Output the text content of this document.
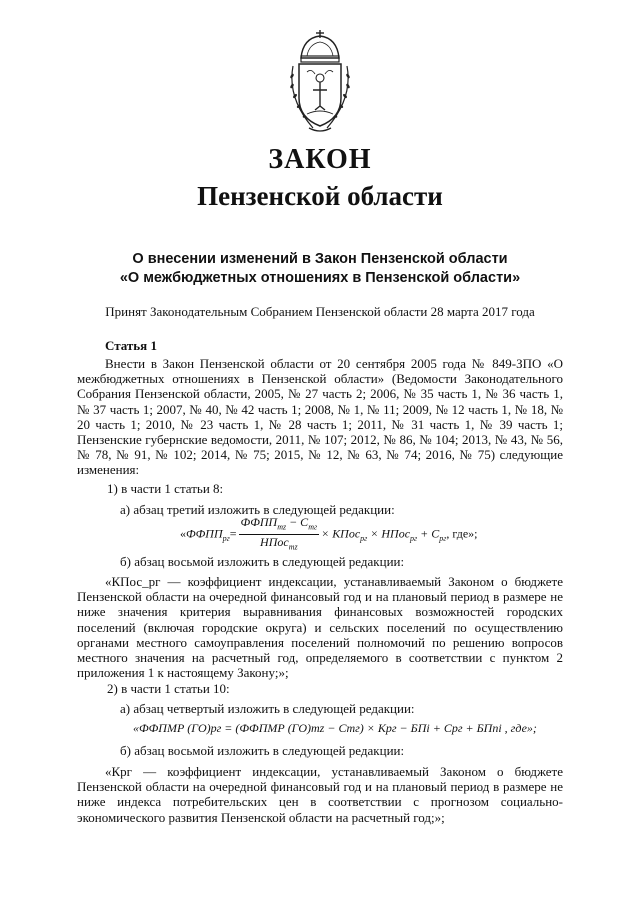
ЗАКОН
Пензенской области
О внесении изменений в Закон Пензенской области
«О межбюджетных отношениях в Пензенской области»
Принят Законодательным Собранием Пензенской области 28 марта 2017 года
Статья 1

Внести в Закон Пензенской области от 20 сентября 2005 года № 849-ЗПО «О межбюджетных отношениях в Пензенской области» (Ведомости Законодательного Собрания Пензенской области, 2005, № 27 часть 2; 2006, № 35 часть 1, № 36 часть 1, № 37 часть 1; 2007, № 40, № 42 часть 1; 2008, № 1, № 11; 2009, № 12 часть 1, № 18, № 20 часть 1; 2010, № 23 часть 1, № 28 часть 1; 2011, № 31 часть 1, № 39 часть 1; Пензенские губернские ведомости, 2011, № 107; 2012, № 86, № 104; 2013, № 43, № 56, № 78, № 91, № 102; 2014, № 75; 2015, № 12, № 63, № 74; 2016, № 75) следующие изменения:

1) в части 1 статьи 8:
а) абзац третий изложить в следующей редакции:
«$ФФПП_{рг}= \frac{ФФПП_{mz} - С_{mг}}{НПос_{mz}}$ × КПос$_{рг}$ × НПос$_{рг}$ + $С_{рг}$, где»;
б) абзац восьмой изложить в следующей редакции:

«КПос_рг — коэффициент индексации, устанавливаемый Законом о бюджете Пензенской области на очередной финансовый год и на плановый период в размере не ниже значения критерия выравнивания финансовых возможностей городских поселений (включая городские округа) и сельских поселений по осуществлению органами местного самоуправления поселений полномочий по решению вопросов местного значения на расчетный год, определяемого в соответствии с пунктом 2 приложения 1 к настоящему Закону;»;

2) в части 1 статьи 10:
а) абзац четвертый изложить в следующей редакции:
«ФФПМР (ГО)рг = (ФФПМР (ГО)mz − Сmг) × Крг − БПi + Срг + БПni , где»;
б) абзац восьмой изложить в следующей редакции:

«Крг — коэффициент индексации, устанавливаемый Законом о бюджете Пензенской области на очередной финансовый год и на плановый период в размере не ниже индекса потребительских цен в соответствии с прогнозом социально-экономического развития Пензенской области на расчетный год;»;
